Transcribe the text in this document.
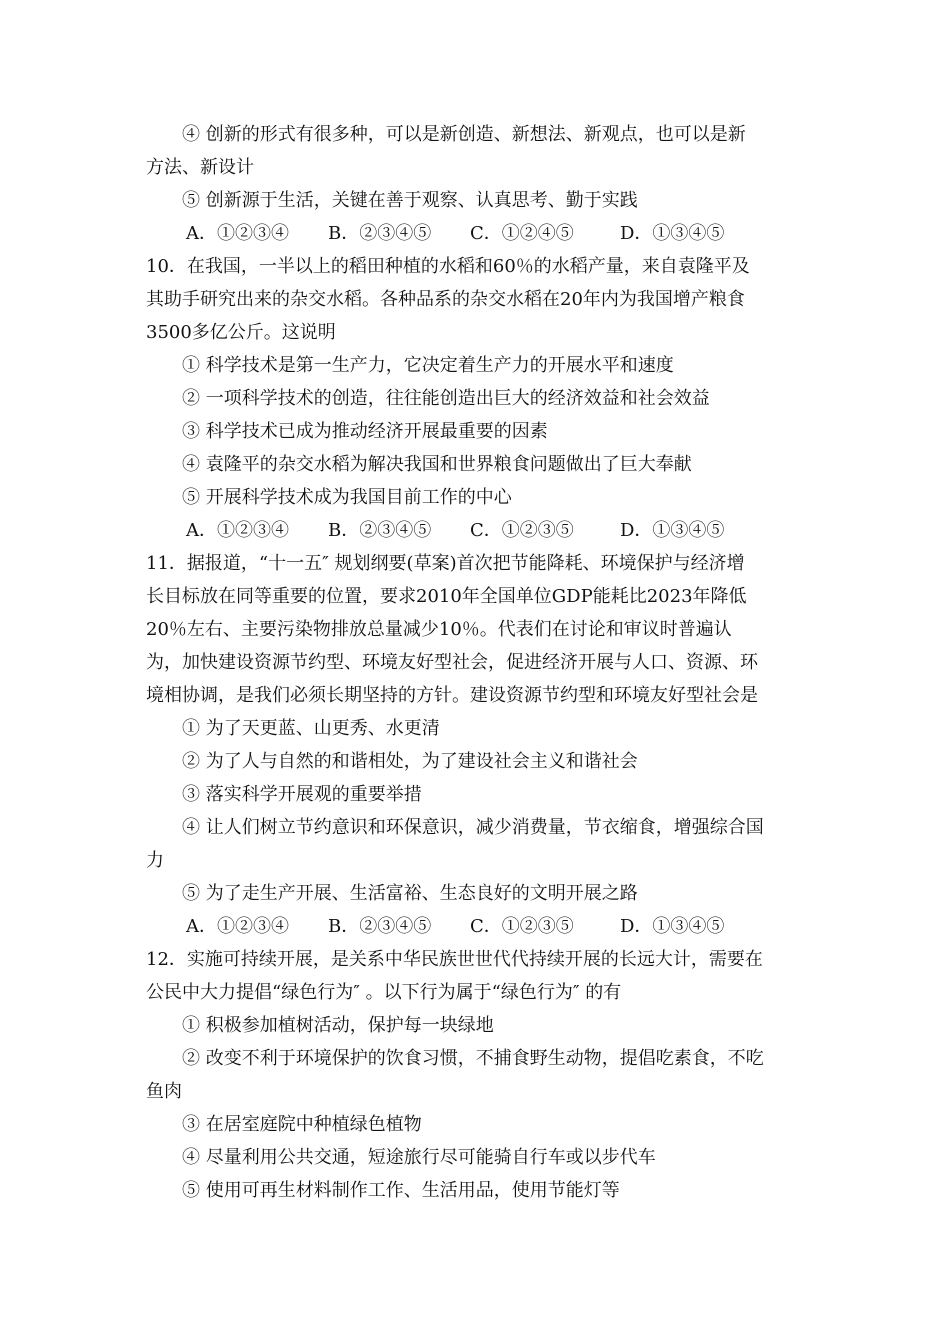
④ 创新的形式有很多种，可以是新创造、新想法、新观点，也可以是新
方法、新设计
⑤ 创新源于生活，关键在善于观察、认真思考、勤于实践
A．①②③④ B．②③④⑤ C．①②④⑤	D．①③④⑤
10．在我国，一半以上的稻田种植的水稻和60％的水稻产量，来自袁隆平及
其助手研究出来的杂交水稻。各种品系的杂交水稻在20年内为我国增产粮食
3500多亿公斤。这说明
① 科学技术是第一生产力，它决定着生产力的开展水平和速度
② 一项科学技术的创造，往往能创造出巨大的经济效益和社会效益
③ 科学技术已成为推动经济开展最重要的因素
④ 袁隆平的杂交水稻为解决我国和世界粮食问题做出了巨大奉献
⑤ 开展科学技术成为我国目前工作的中心
A．①②③④ B．②③④⑤ C．①②③⑤	D．①③④⑤
11．据报道，“十一五″ 规划纲要(草案)首次把节能降耗、环境保护与经济增
长目标放在同等重要的位置，要求2010年全国单位GDP能耗比2023年降低
20％左右、主要污染物排放总量减少10％。代表们在讨论和审议时普遍认
为，加快建设资源节约型、环境友好型社会，促进经济开展与人口、资源、环
境相协调，是我们必须长期坚持的方针。建设资源节约型和环境友好型社会是
① 为了天更蓝、山更秀、水更清
② 为了人与自然的和谐相处，为了建设社会主义和谐社会
③ 落实科学开展观的重要举措
④ 让人们树立节约意识和环保意识，减少消费量，节衣缩食，增强综合国
力
⑤ 为了走生产开展、生活富裕、生态良好的文明开展之路
A．①②③④ B．②③④⑤ C．①②③⑤	D．①③④⑤
12．实施可持续开展，是关系中华民族世世代代持续开展的长远大计，需要在
公民中大力提倡“绿色行为″ 。以下行为属于“绿色行为″ 的有
① 积极参加植树活动，保护每一块绿地
② 改变不利于环境保护的饮食习惯，不捕食野生动物，提倡吃素食，不吃
鱼肉
③ 在居室庭院中种植绿色植物
④ 尽量利用公共交通，短途旅行尽可能骑自行车或以步代车
⑤ 使用可再生材料制作工作、生活用品，使用节能灯等
